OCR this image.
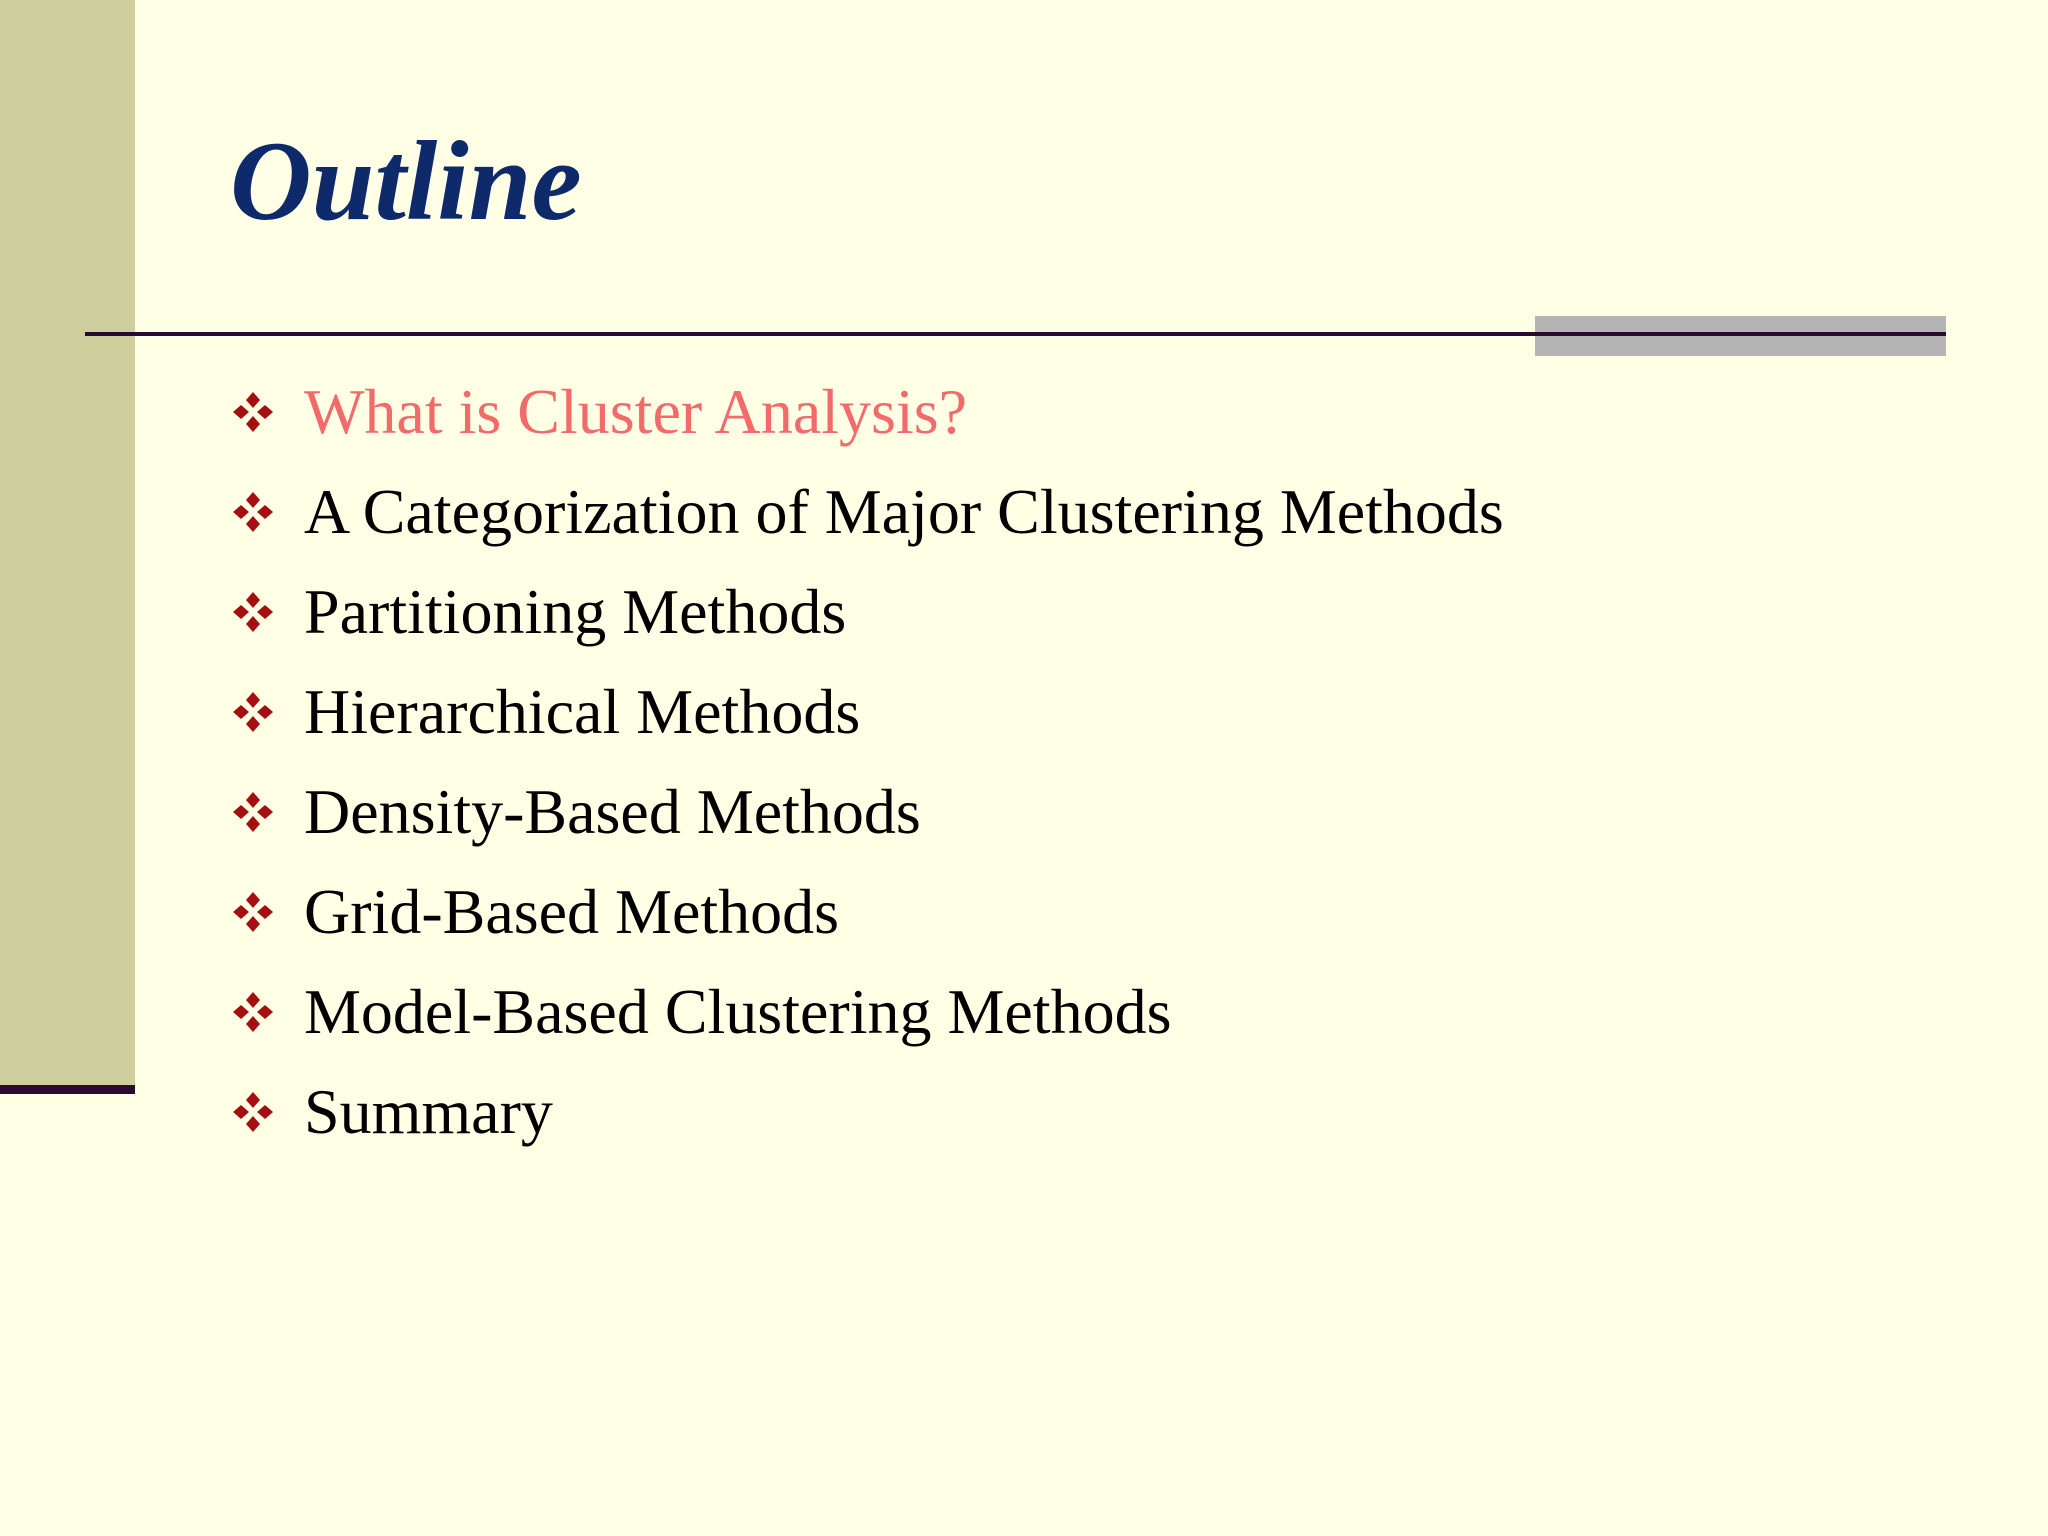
Outline
What is Cluster Analysis?
A Categorization of Major Clustering Methods
Partitioning Methods
Hierarchical Methods
Density-Based Methods
Grid-Based Methods
Model-Based Clustering Methods
Summary
